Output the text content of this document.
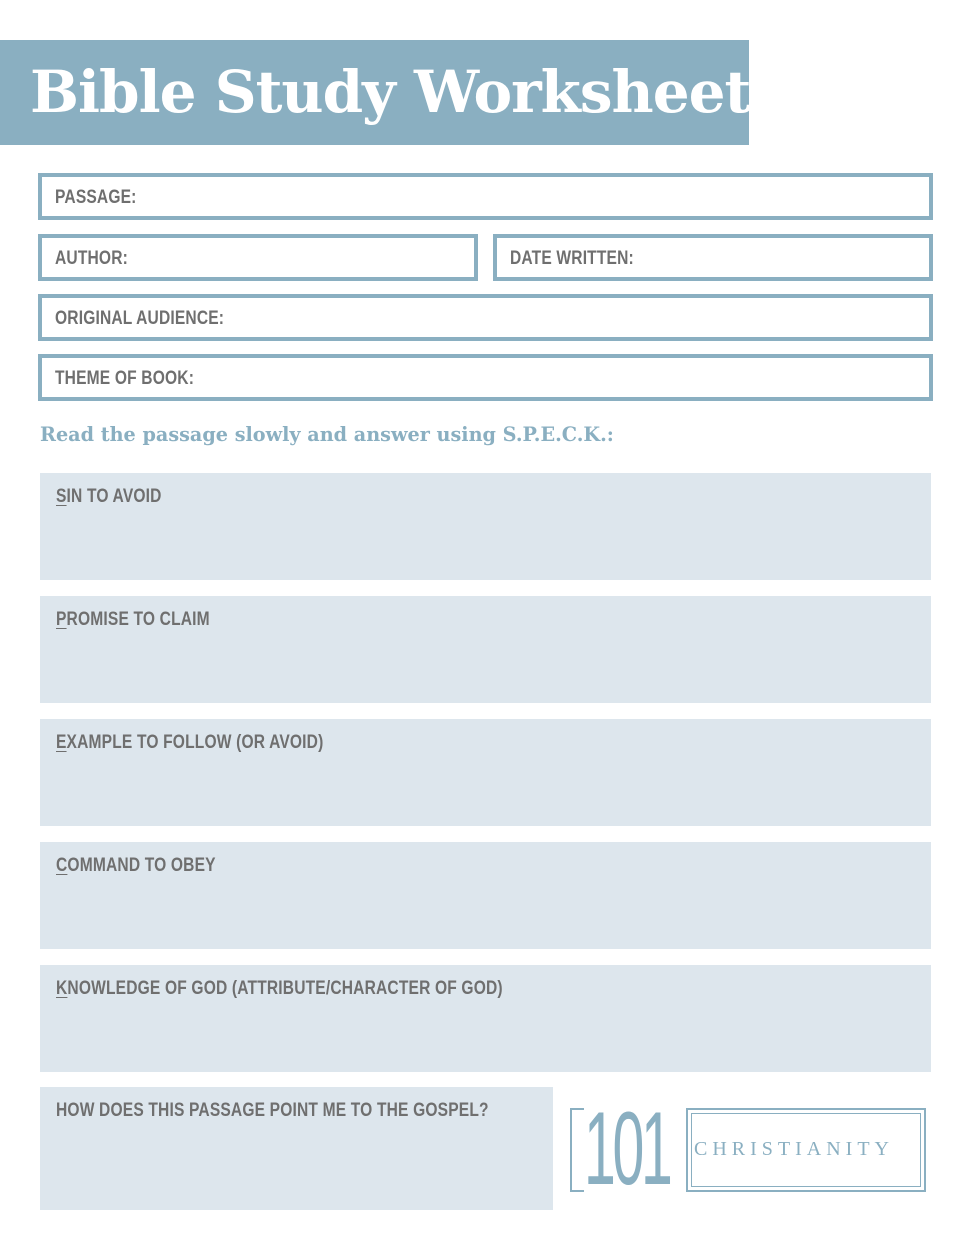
Bible Study Worksheet
PASSAGE:
AUTHOR:	DATE WRITTEN:
ORIGINAL AUDIENCE:
THEME OF BOOK:
Read the passage slowly and answer using S.P.E.C.K.:
SIN TO AVOID
PROMISE TO CLAIM
EXAMPLE TO FOLLOW (OR AVOID)
COMMAND TO OBEY
KNOWLEDGE OF GOD (ATTRIBUTE/CHARACTER OF GOD)
HOW DOES THIS PASSAGE POINT ME TO THE GOSPEL? 101 CHRISTIANITY
